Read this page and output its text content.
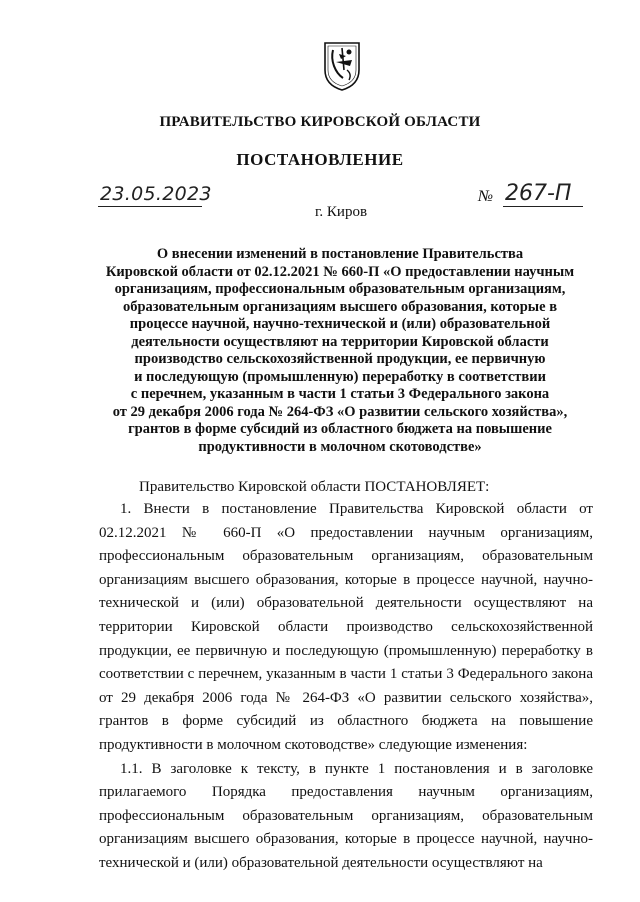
ПРАВИТЕЛЬСТВО КИРОВСКОЙ ОБЛАСТИ
ПОСТАНОВЛЕНИЕ
23.05.2023	№ 267-П
г. Киров
О внесении изменений в постановление Правительства
Кировской области от 02.12.2021 № 660-П «О предоставлении научным
организациям, профессиональным образовательным организациям,
образовательным организациям высшего образования, которые в
процессе научной, научно-технической и (или) образовательной
деятельности осуществляют на территории Кировской области
производство сельскохозяйственной продукции, ее первичную
и последующую (промышленную) переработку в соответствии
с перечнем, указанным в части 1 статьи 3 Федерального закона
от 29 декабря 2006 года № 264-ФЗ «О развитии сельского хозяйства»,
грантов в форме субсидий из областного бюджета на повышение
продуктивности в молочном скотоводстве»
Правительство Кировской области ПОСТАНОВЛЯЕТ:

1. Внести в постановление Правительства Кировской области от 02.12.2021 № 660-П «О предоставлении научным организациям, профессиональным образовательным организациям, образовательным организациям высшего образования, которые в процессе научной, научно-технической и (или) образовательной деятельности осуществляют на территории Кировской области производство сельскохозяйственной продукции, ее первичную и последующую (промышленную) переработку в соответствии с перечнем, указанным в части 1 статьи 3 Федерального закона от 29 декабря 2006 года № 264-ФЗ «О развитии сельского хозяйства», грантов в форме субсидий из областного бюджета на повышение продуктивности в молочном скотоводстве» следующие изменения:

1.1. В заголовке к тексту, в пункте 1 постановления и в заголовке прилагаемого Порядка предоставления научным организациям, профессиональным образовательным организациям, образовательным организациям высшего образования, которые в процессе научной, научно-технической и (или) образовательной деятельности осуществляют на
